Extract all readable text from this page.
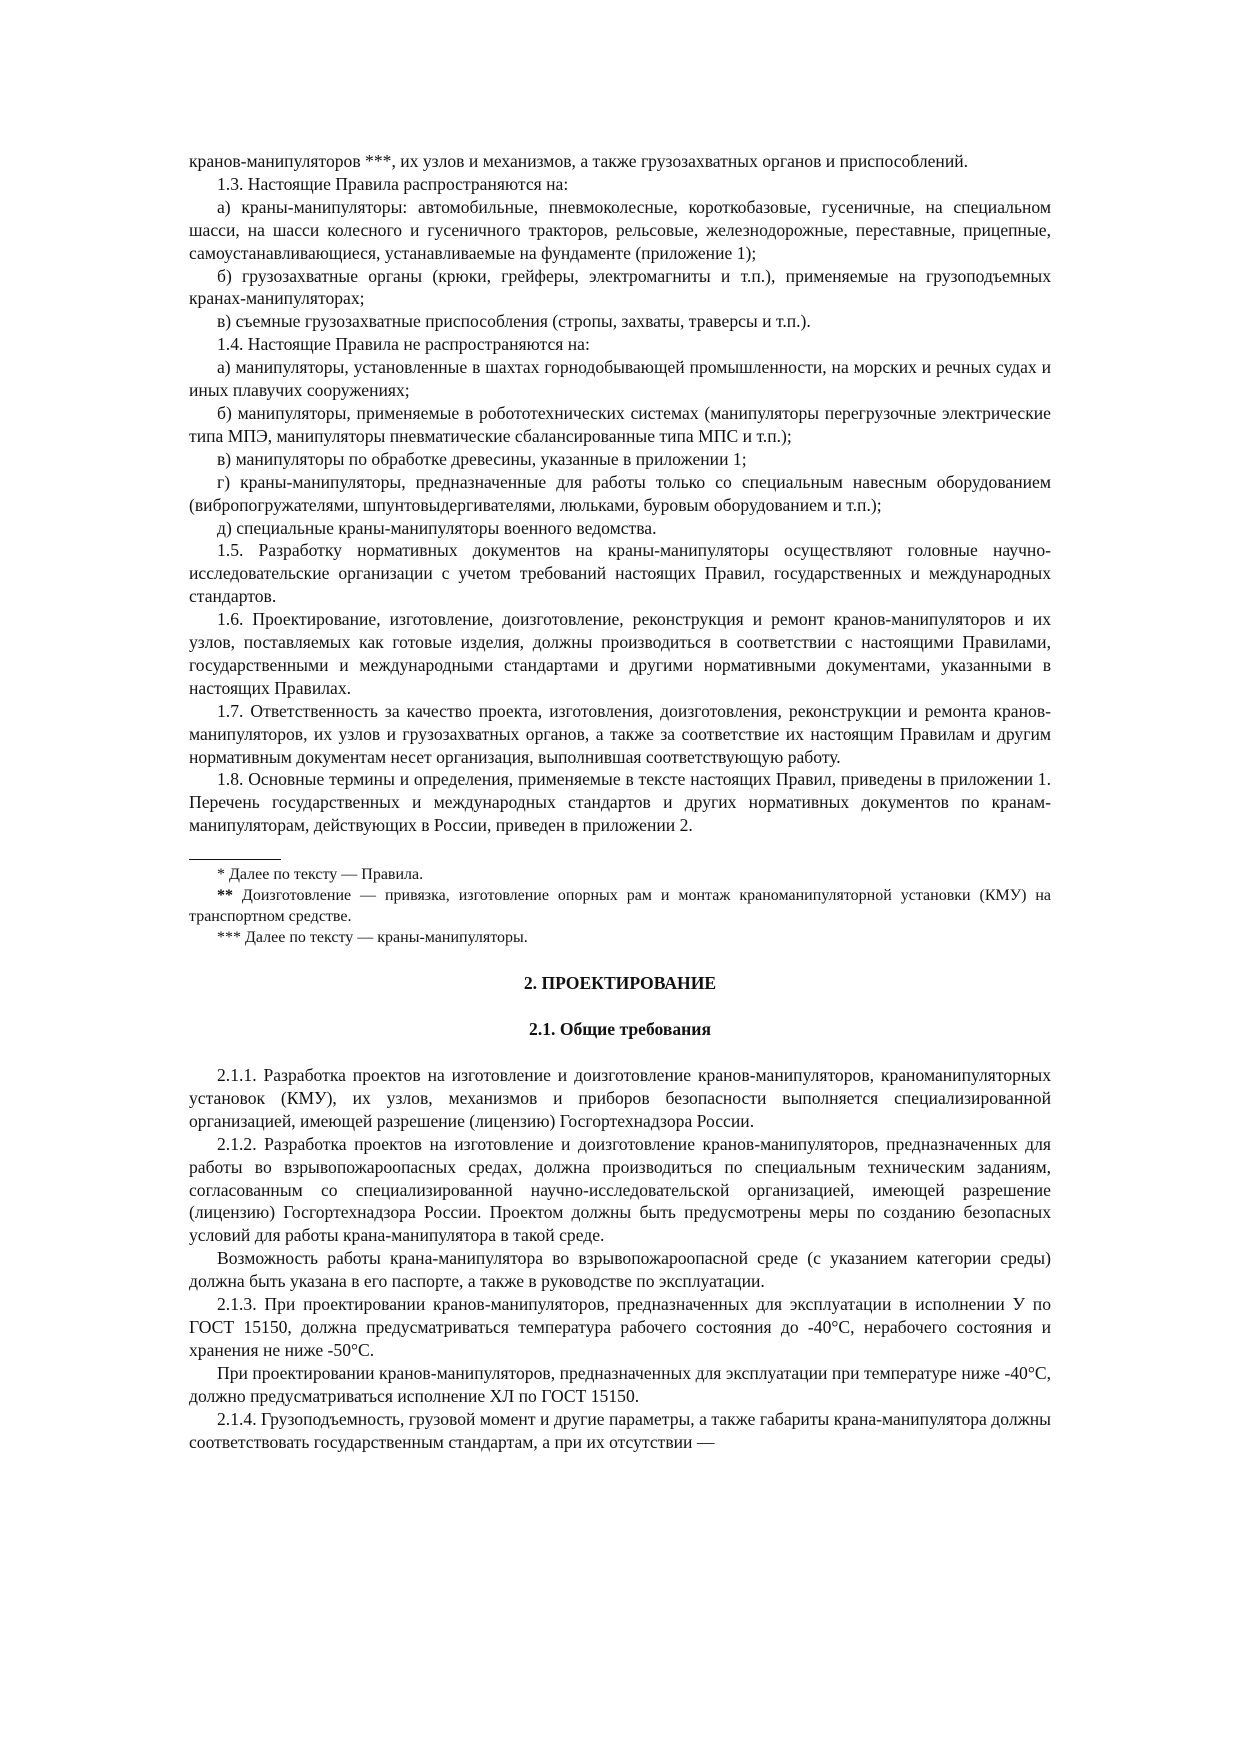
кранов-манипуляторов ***, их узлов и механизмов, а также грузозахватных органов и приспособлений.

1.3. Настоящие Правила распространяются на:

а) краны-манипуляторы: автомобильные, пневмоколесные, короткобазовые, гусеничные, на специальном шасси, на шасси колесного и гусеничного тракторов, рельсовые, железнодорожные, переставные, прицепные, самоустанавливающиеся, устанавливаемые на фундаменте (приложение 1);

б) грузозахватные органы (крюки, грейферы, электромагниты и т.п.), применяемые на грузоподъемных кранах-манипуляторах;

в) съемные грузозахватные приспособления (стропы, захваты, траверсы и т.п.).

1.4. Настоящие Правила не распространяются на:

а) манипуляторы, установленные в шахтах горнодобывающей промышленности, на морских и речных судах и иных плавучих сооружениях;

б) манипуляторы, применяемые в робототехнических системах (манипуляторы перегрузочные электрические типа МПЭ, манипуляторы пневматические сбалансированные типа МПС и т.п.);

в) манипуляторы по обработке древесины, указанные в приложении 1;

г) краны-манипуляторы, предназначенные для работы только со специальным навесным оборудованием (вибропогружателями, шпунтовыдергивателями, люльками, буровым оборудованием и т.п.);

д) специальные краны-манипуляторы военного ведомства.

1.5. Разработку нормативных документов на краны-манипуляторы осуществляют головные научно-исследовательские организации с учетом требований настоящих Правил, государственных и международных стандартов.

1.6. Проектирование, изготовление, доизготовление, реконструкция и ремонт кранов-манипуляторов и их узлов, поставляемых как готовые изделия, должны производиться в соответствии с настоящими Правилами, государственными и международными стандартами и другими нормативными документами, указанными в настоящих Правилах.

1.7. Ответственность за качество проекта, изготовления, доизготовления, реконструкции и ремонта кранов-манипуляторов, их узлов и грузозахватных органов, а также за соответствие их настоящим Правилам и другим нормативным документам несет организация, выполнившая соответствующую работу.

1.8. Основные термины и определения, применяемые в тексте настоящих Правил, приведены в приложении 1. Перечень государственных и международных стандартов и других нормативных документов по кранам-манипуляторам, действующих в России, приведен в приложении 2.

* Далее по тексту — Правила.

** Доизготовление — привязка, изготовление опорных рам и монтаж краноманипуляторной установки (КМУ) на транспортном средстве.

*** Далее по тексту — краны-манипуляторы.

2. ПРОЕКТИРОВАНИЕ
2.1. Общие требования

2.1.1. Разработка проектов на изготовление и доизготовление кранов-манипуляторов, краноманипуляторных установок (КМУ), их узлов, механизмов и приборов безопасности выполняется специализированной организацией, имеющей разрешение (лицензию) Госгортехнадзора России.

2.1.2. Разработка проектов на изготовление и доизготовление кранов-манипуляторов, предназначенных для работы во взрывопожароопасных средах, должна производиться по специальным техническим заданиям, согласованным со специализированной научно-исследовательской организацией, имеющей разрешение (лицензию) Госгортехнадзора России. Проектом должны быть предусмотрены меры по созданию безопасных условий для работы крана-манипулятора в такой среде.

Возможность работы крана-манипулятора во взрывопожароопасной среде (с указанием категории среды) должна быть указана в его паспорте, а также в руководстве по эксплуатации.

2.1.3. При проектировании кранов-манипуляторов, предназначенных для эксплуатации в исполнении У по ГОСТ 15150, должна предусматриваться температура рабочего состояния до -40°С, нерабочего состояния и хранения не ниже -50°С.

При проектировании кранов-манипуляторов, предназначенных для эксплуатации при температуре ниже -40°С, должно предусматриваться исполнение ХЛ по ГОСТ 15150.

2.1.4. Грузоподъемность, грузовой момент и другие параметры, а также габариты крана-манипулятора должны соответствовать государственным стандартам, а при их отсутствии —
